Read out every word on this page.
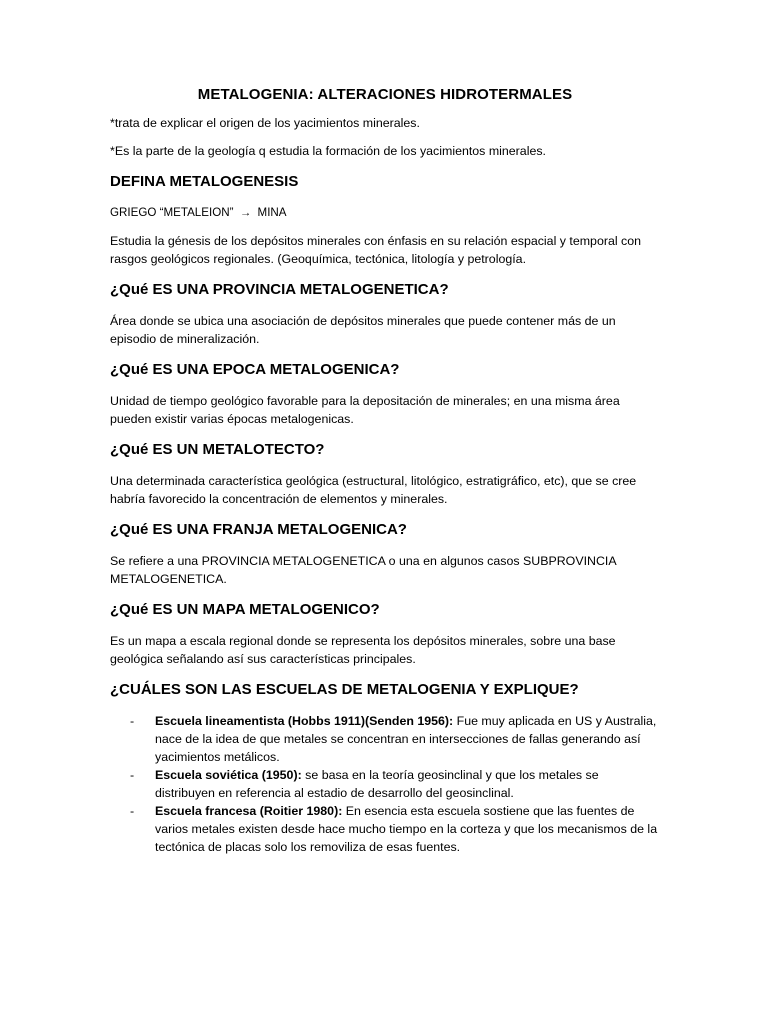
METALOGENIA: ALTERACIONES HIDROTERMALES

*trata de explicar el origen de los yacimientos minerales.

*Es la parte de la geología q estudia la formación de los yacimientos minerales.

DEFINA METALOGENESIS

GRIEGO “METALEION” → MINA

Estudia la génesis de los depósitos minerales con énfasis en su relación espacial y temporal con rasgos geológicos regionales. (Geoquímica, tectónica, litología y petrología.

¿Qué ES UNA PROVINCIA METALOGENETICA?

Área donde se ubica una asociación de depósitos minerales que puede contener más de un episodio de mineralización.

¿Qué ES UNA EPOCA METALOGENICA?

Unidad de tiempo geológico favorable para la depositación de minerales; en una misma área pueden existir varias épocas metalogenicas.

¿Qué ES UN METALOTECTO?

Una determinada característica geológica (estructural, litológico, estratigráfico, etc), que se cree habría favorecido la concentración de elementos y minerales.

¿Qué ES UNA FRANJA METALOGENICA?

Se refiere a una PROVINCIA METALOGENETICA o una en algunos casos SUBPROVINCIA METALOGENETICA.

¿Qué ES UN MAPA METALOGENICO?

Es un mapa a escala regional donde se representa los depósitos minerales, sobre una base geológica señalando así sus características principales.

¿CUÁLES SON LAS ESCUELAS DE METALOGENIA Y EXPLIQUE?
- Escuela lineamentista (Hobbs 1911)(Senden 1956): Fue muy aplicada en US y Australia, nace de la idea de que metales se concentran en intersecciones de fallas generando así yacimientos metálicos.
- Escuela soviética (1950): se basa en la teoría geosinclinal y que los metales se distribuyen en referencia al estadio de desarrollo del geosinclinal.
- Escuela francesa (Roitier 1980): En esencia esta escuela sostiene que las fuentes de varios metales existen desde hace mucho tiempo en la corteza y que los mecanismos de la tectónica de placas solo los removiliza de esas fuentes.
